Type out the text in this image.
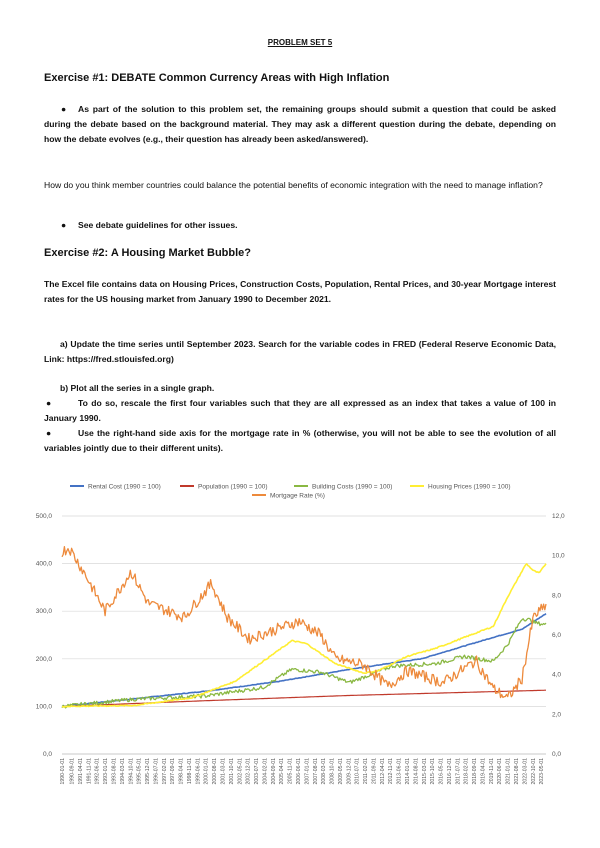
PROBLEM SET 5
Exercise #1: DEBATE Common Currency Areas with High Inflation
● As part of the solution to this problem set, the remaining groups should submit a question that could be asked during the debate based on the background material. They may ask a different question during the debate, depending on how the debate evolves (e.g., their question has already been asked/answered).
How do you think member countries could balance the potential benefits of economic integration with the need to manage inflation?
● See debate guidelines for other issues.
Exercise #2: A Housing Market Bubble?
The Excel file contains data on Housing Prices, Construction Costs, Population, Rental Prices, and 30-year Mortgage interest rates for the US housing market from January 1990 to December 2021.
a) Update the time series until September 2023. Search for the variable codes in FRED (Federal Reserve Economic Data, Link: https://fred.stlouisfed.org)
b) Plot all the series in a single graph.
●	To do so, rescale the first four variables such that they are all expressed as an index that takes a value of 100 in January 1990.
●	Use the right-hand side axis for the mortgage rate in % (otherwise, you will not be able to see the evolution of all variables jointly due to their different units).
Rental Cost (1990 = 100)	Population (1990 = 100)	Building Costs (1990 = 100)	Housing Prices (1990 = 100)
Mortgage Rate (%)
0,0
100,0
200,0
300,0
400,0
500,0
0,0
2,0
4,0
6,0
8,0
10,0
12,0
1990-01-01 1990-09-01 1991-04-01 1991-11-01 1992-06-01 1993-01-01 1993-08-01 1994-03-01 1994-10-01 1995-05-01 1995-12-01 1996-07-01 1997-02-01 1997-09-01 1998-04-01 1998-11-01 1999-06-01 2000-01-01 2000-08-01 2001-03-01 2001-10-01 2002-05-01 2002-12-01 2003-07-01 2004-02-01 2004-09-01 2005-04-01 2005-11-01 2006-06-01 2007-01-01 2007-08-01 2008-03-01 2008-10-01 2009-05-01 2009-12-01 2010-07-01 2011-02-01 2011-09-01 2012-04-01 2012-11-01 2013-06-01 2014-01-01 2014-08-01 2015-03-01 2015-10-01 2016-05-01 2016-12-01 2017-07-01 2018-02-01 2018-09-01 2019-04-01 2019-11-01 2020-06-01 2021-01-01 2021-08-01 2022-03-01 2022-10-01 2023-05-01
